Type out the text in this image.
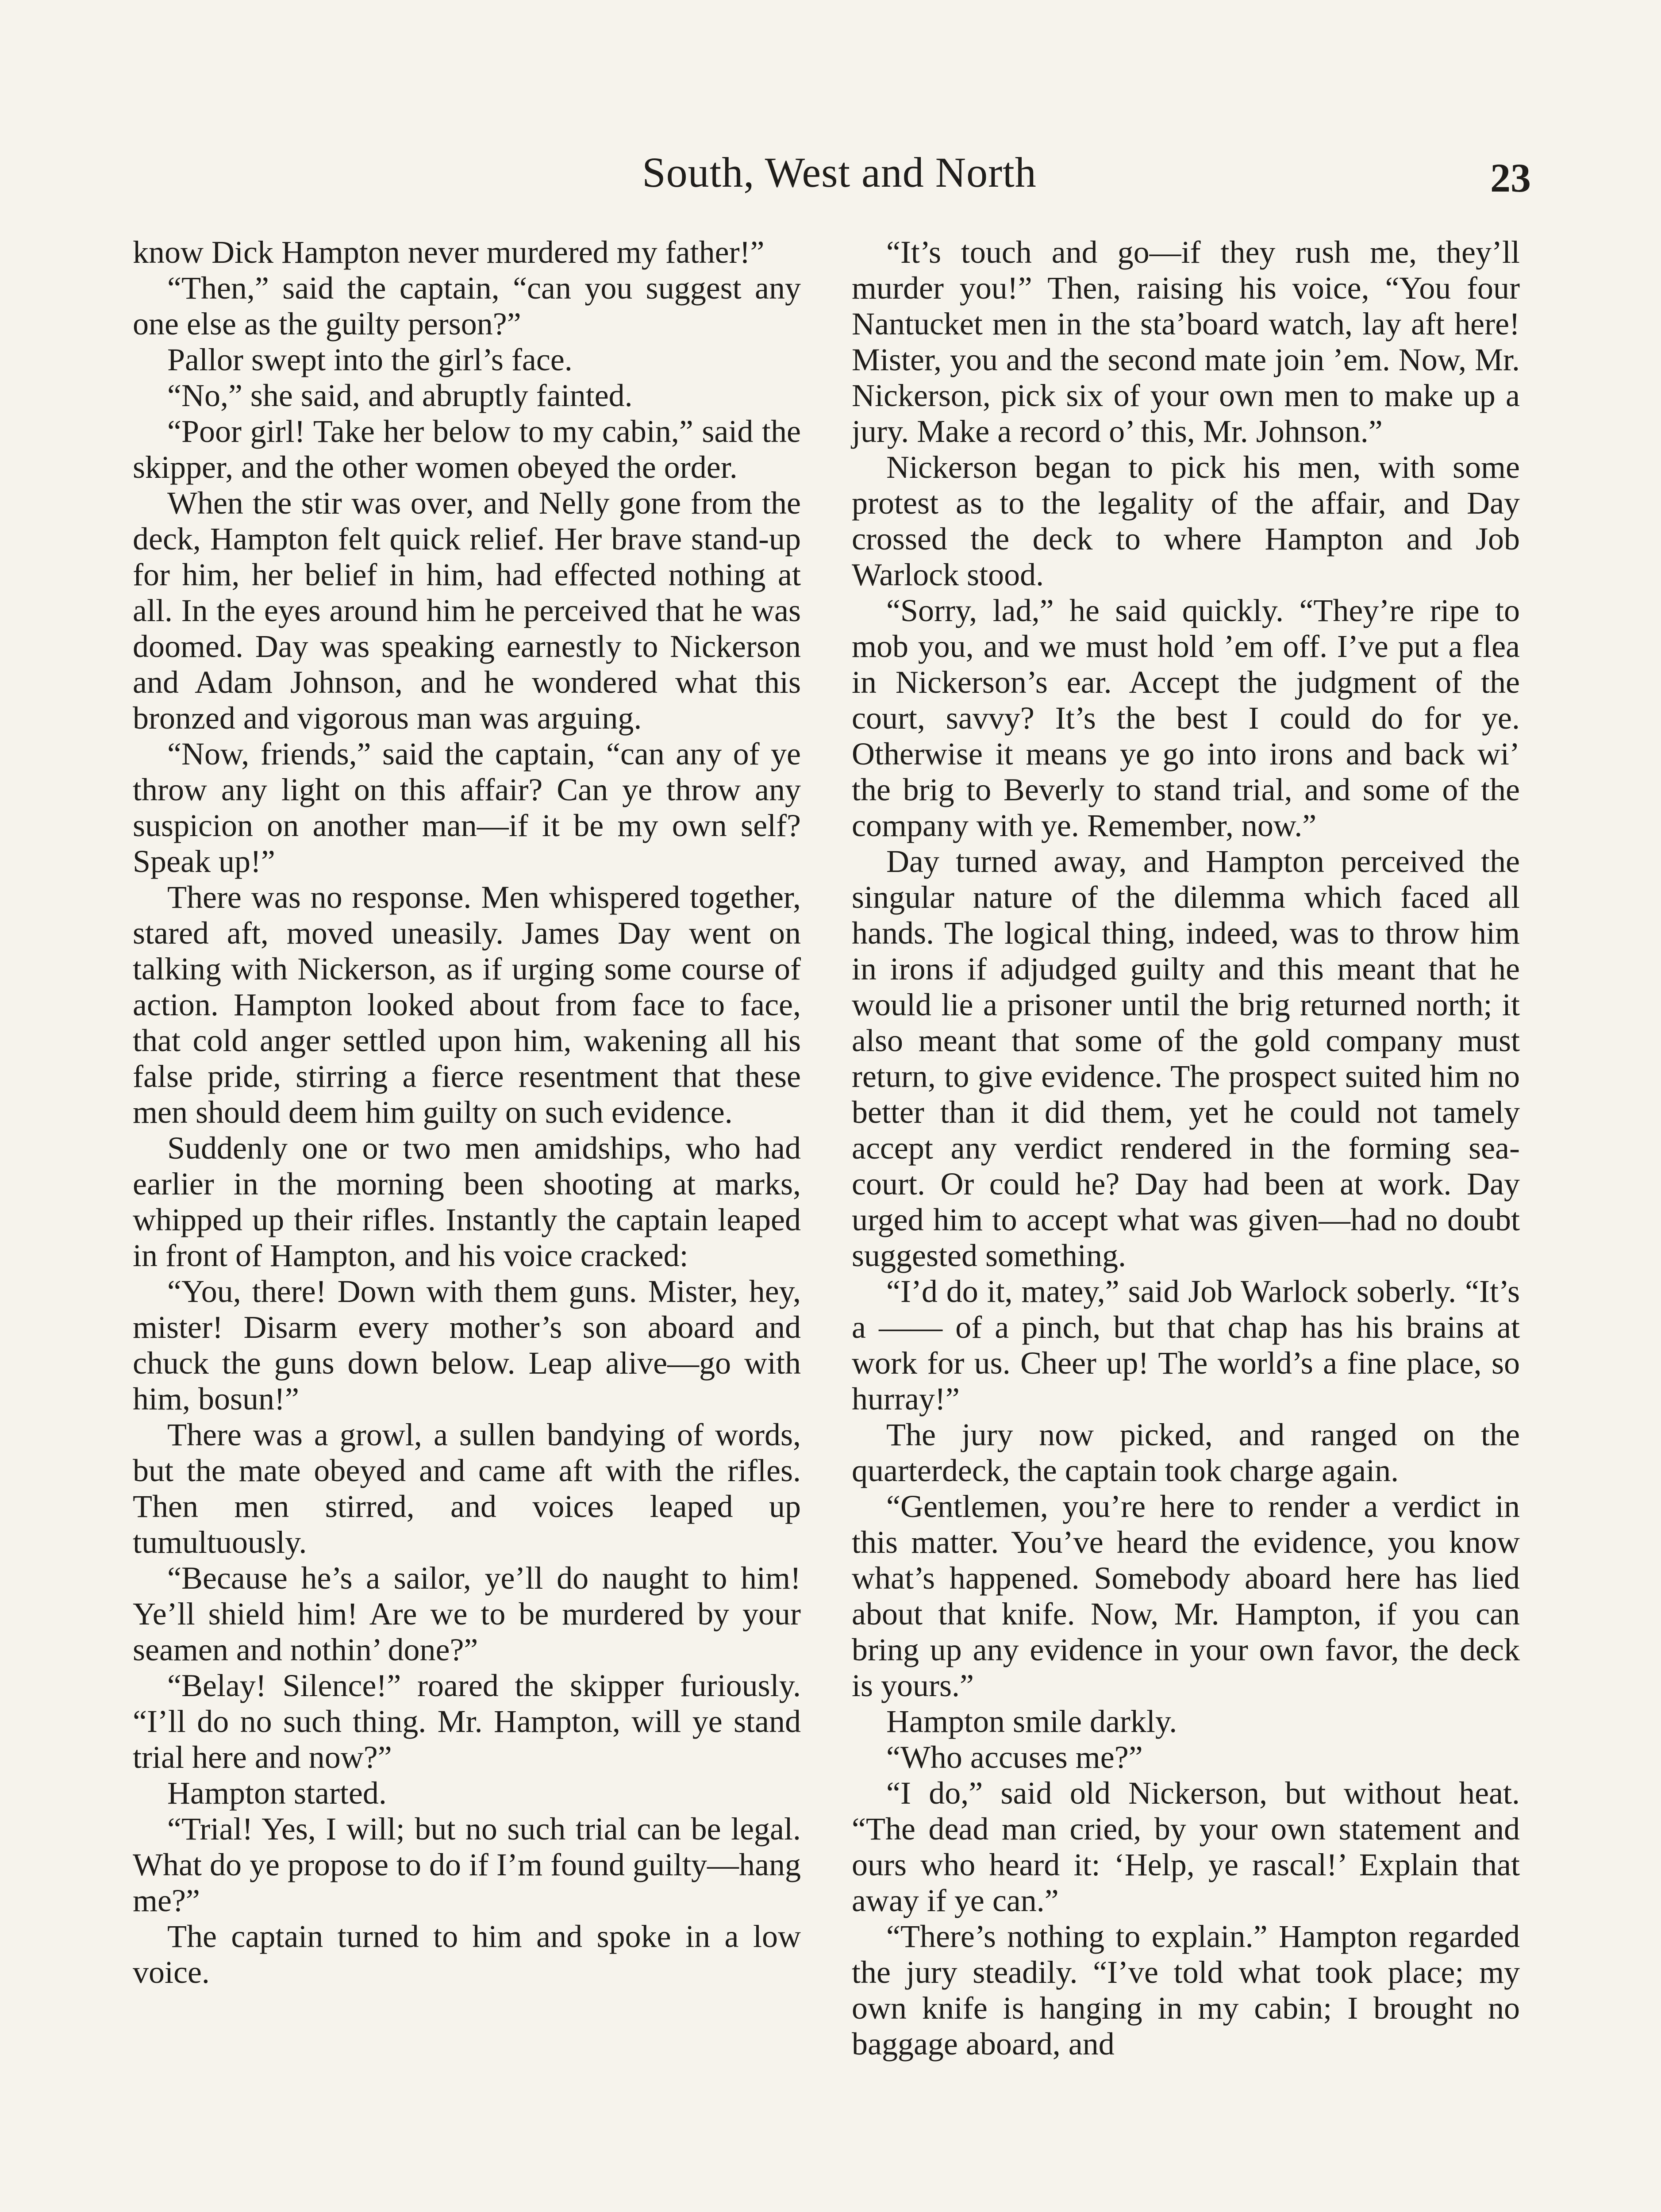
South, West and North	23

know Dick Hampton never murdered my father!”

“Then,” said the captain, “can you suggest any one else as the guilty person?”

Pallor swept into the girl’s face.

“No,” she said, and abruptly fainted.

“Poor girl! Take her below to my cabin,” said the skipper, and the other women obeyed the order.

When the stir was over, and Nelly gone from the deck, Hampton felt quick relief. Her brave stand-up for him, her belief in him, had effected nothing at all. In the eyes around him he perceived that he was doomed. Day was speaking earnestly to Nickerson and Adam Johnson, and he wondered what this bronzed and vigorous man was arguing.

“Now, friends,” said the captain, “can any of ye throw any light on this affair? Can ye throw any suspicion on another man—if it be my own self? Speak up!”

There was no response. Men whispered together, stared aft, moved uneasily. James Day went on talking with Nickerson, as if urging some course of action. Hampton looked about from face to face, that cold anger settled upon him, wakening all his false pride, stirring a fierce resentment that these men should deem him guilty on such evidence.

Suddenly one or two men amidships, who had earlier in the morning been shooting at marks, whipped up their rifles. Instantly the captain leaped in front of Hampton, and his voice cracked:

“You, there! Down with them guns. Mister, hey, mister! Disarm every mother’s son aboard and chuck the guns down below. Leap alive—go with him, bosun!”

There was a growl, a sullen bandying of words, but the mate obeyed and came aft with the rifles. Then men stirred, and voices leaped up tumultuously.

“Because he’s a sailor, ye’ll do naught to him! Ye’ll shield him! Are we to be murdered by your seamen and nothin’ done?”

“Belay! Silence!” roared the skipper furiously. “I’ll do no such thing. Mr. Hampton, will ye stand trial here and now?”

Hampton started.

“Trial! Yes, I will; but no such trial can be legal. What do ye propose to do if I’m found guilty—hang me?”

The captain turned to him and spoke in a low voice.

“It’s touch and go—if they rush me, they’ll murder you!” Then, raising his voice, “You four Nantucket men in the sta’board watch, lay aft here! Mister, you and the second mate join ’em. Now, Mr. Nickerson, pick six of your own men to make up a jury. Make a record o’ this, Mr. Johnson.”

Nickerson began to pick his men, with some protest as to the legality of the affair, and Day crossed the deck to where Hampton and Job Warlock stood.

“Sorry, lad,” he said quickly. “They’re ripe to mob you, and we must hold ’em off. I’ve put a flea in Nickerson’s ear. Accept the judgment of the court, savvy? It’s the best I could do for ye. Otherwise it means ye go into irons and back wi’ the brig to Beverly to stand trial, and some of the company with ye. Remember, now.”

Day turned away, and Hampton perceived the singular nature of the dilemma which faced all hands. The logical thing, indeed, was to throw him in irons if adjudged guilty and this meant that he would lie a prisoner until the brig returned north; it also meant that some of the gold company must return, to give evidence. The prospect suited him no better than it did them, yet he could not tamely accept any verdict rendered in the forming sea-court. Or could he? Day had been at work. Day urged him to accept what was given—had no doubt suggested something.

“I’d do it, matey,” said Job Warlock soberly. “It’s a —— of a pinch, but that chap has his brains at work for us. Cheer up! The world’s a fine place, so hurray!”

The jury now picked, and ranged on the quarterdeck, the captain took charge again.

“Gentlemen, you’re here to render a verdict in this matter. You’ve heard the evidence, you know what’s happened. Somebody aboard here has lied about that knife. Now, Mr. Hampton, if you can bring up any evidence in your own favor, the deck is yours.”

Hampton smile darkly.

“Who accuses me?”

“I do,” said old Nickerson, but without heat. “The dead man cried, by your own statement and ours who heard it: ‘Help, ye rascal!’ Explain that away if ye can.”

“There’s nothing to explain.” Hampton regarded the jury steadily. “I’ve told what took place; my own knife is hanging in my cabin; I brought no baggage aboard, and
